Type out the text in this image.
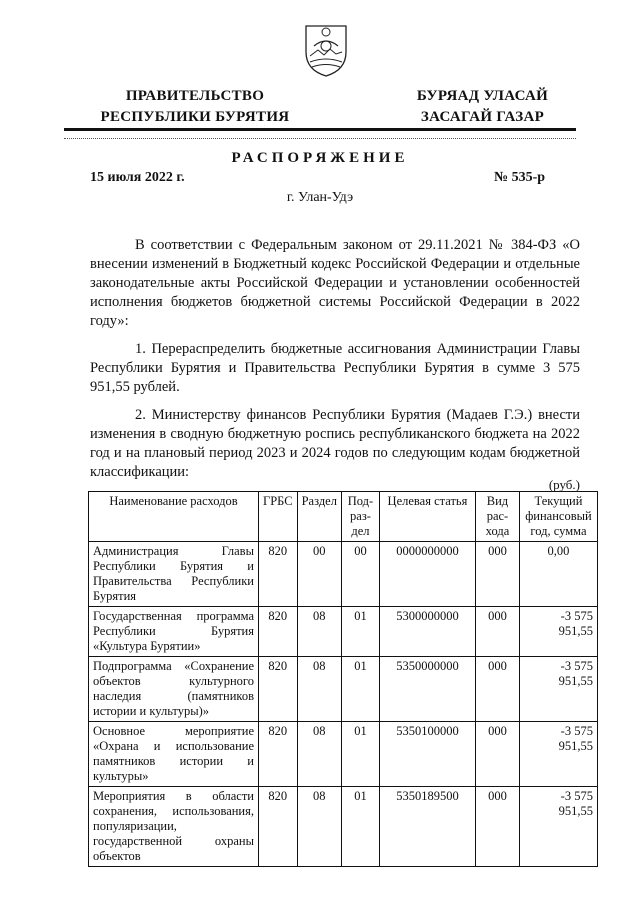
ПРАВИТЕЛЬСТВО
РЕСПУБЛИКИ БУРЯТИЯ
БУРЯАД УЛАСАЙ
ЗАСАГАЙ ГАЗАР
РАСПОРЯЖЕНИЕ
15 июля 2022 г.	№ 535-р
г. Улан-Удэ

В соответствии с Федеральным законом от 29.11.2021 № 384-ФЗ «О внесении изменений в Бюджетный кодекс Российской Федерации и отдельные законодательные акты Российской Федерации и установлении особенностей исполнения бюджетов бюджетной системы Российской Федерации в 2022 году»:

1. Перераспределить бюджетные ассигнования Администрации Главы Республики Бурятия и Правительства Республики Бурятия в сумме 3 575 951,55 рублей.

2. Министерству финансов Республики Бурятия (Мадаев Г.Э.) внести изменения в сводную бюджетную роспись республиканского бюджета на 2022 год и на плановый период 2023 и 2024 годов по следующим кодам бюджетной классификации:

(руб.)
Наименование расходов	ГРБС	Раздел	Под-раз-дел	Целевая статья	Вид рас-хода	Текущий финансовый год, сумма
Администрация Главы Республики Бурятия и Правительства Республики Бурятия	820	00	00	0000000000	000	0,00
Государственная программа Республики Бурятия «Культура Бурятии»	820	08	01	5300000000	000	-3 575 951,55
Подпрограмма «Сохранение объектов культурного наследия (памятников истории и культуры)»	820	08	01	5350000000	000	-3 575 951,55
Основное мероприятие «Охрана и использование памятников истории и культуры»	820	08	01	5350100000	000	-3 575 951,55
Мероприятия в области сохранения, использования, популяризации, государственной охраны объектов	820	08	01	5350189500	000	-3 575 951,55
